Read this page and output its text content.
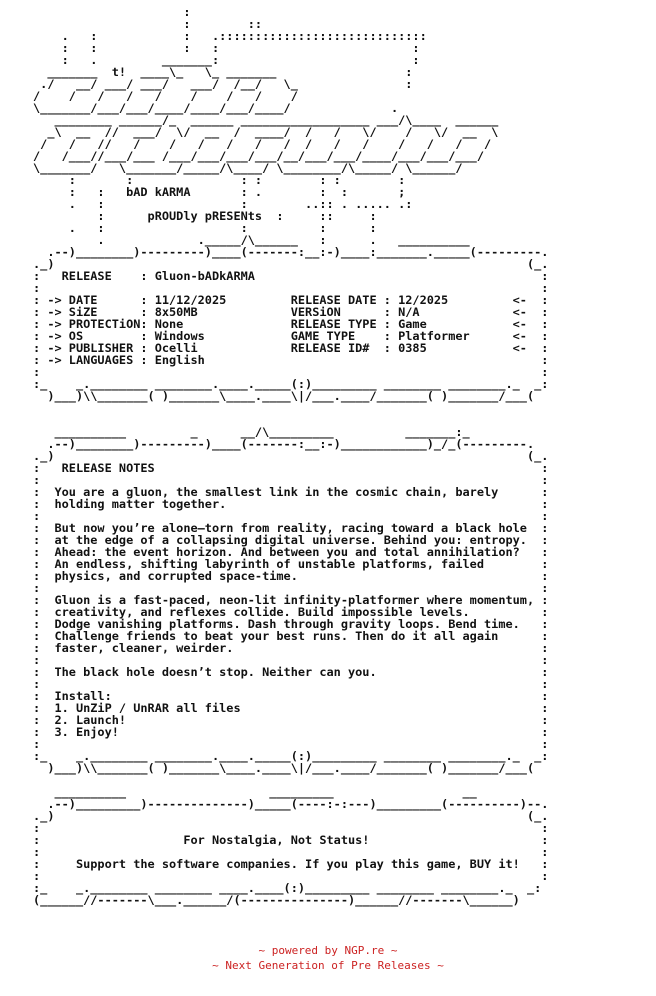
:
:        ::
.   :            :   .:::::::::::::::::::::::::::::
:   :            :   :                           :
:   .         _______:                           :
_______  t!  ____\_   \_ _______                  :
./   __/ ___/ ___/   ___/  /__/   \_               :
/    /   /   /   /    /    /   /    /
\_______/___/___/____/____/___/____/              .
________ ______/_  ______ __________________ ___/\____  ______
_\  __  //  ___/  \/  __  /  ____/  /   /   \/    /   \/  __  \
/   /   //   /    /   /   /   /   /  /   /   /    /   /   /   /
/   /___//___/___ /___/___/___/___/__/___/___/____/___/___/___/
\_______/   \_______/_____/\____/ \________/\_____/ \______/
:       :               : :        : :        :
:   :   bAD kARMA       : .        :  :       ;
.   :                   :        ..:: . ..... .:
:      pROUDly pRESENts  :     ::     :
.   :                   :          :      :
.             ._____/\______   :      .   __________
.--)________)---------)____(-------:__:-)____:_______._____(---------.
._)                                                                  (_.
:   RELEASE    : Gluon-bADkARMA                                        :
:                                                                      :
: -> DATE      : 11/12/2025         RELEASE DATE : 12/2025         <-  :
: -> SiZE      : 8x50MB             VERSiON      : N/A             <-  :
: -> PROTECTiON: None               RELEASE TYPE : Game            <-  :
: -> OS        : Windows            GAME TYPE    : Platformer      <-  :
: -> PUBLISHER : Ocelli             RELEASE ID#  : 0385            <-  :
: -> LANGUAGES : English                                               :
:                                                                      :
:_    _.________ ________.____._____(:)_________ ________ ________._  _:
)___)\\_______( )_______\____.____\|/___.____/_______( )_______/___(

__________         _      __/\_________          _______:_
.--)________)---------)____(-------:__:-)____________)_/_(---------.
._)                                                                  (_.
:   RELEASE NOTES                                                      :
:                                                                      :
:  You are a gluon, the smallest link in the cosmic chain, barely      :
:  holding matter together.                                            :
:                                                                      :
:  But now you’re alone—torn from reality, racing toward a black hole  :
:  at the edge of a collapsing digital universe. Behind you: entropy.  :
:  Ahead: the event horizon. And between you and total annihilation?   :
:  An endless, shifting labyrinth of unstable platforms, failed        :
:  physics, and corrupted space-time.                                  :
:                                                                      :
:  Gluon is a fast-paced, neon-lit infinity-platformer where momentum, :
:  creativity, and reflexes collide. Build impossible levels.          :
:  Dodge vanishing platforms. Dash through gravity loops. Bend time.   :
:  Challenge friends to beat your best runs. Then do it all again      :
:  faster, cleaner, weirder.                                           :
:                                                                      :
:  The black hole doesn’t stop. Neither can you.                       :
:                                                                      :
:  Install:                                                            :
:  1. UnZiP / UnRAR all files                                          :
:  2. Launch!                                                          :
:  3. Enjoy!                                                           :
:                                                                      :
:_    _.________ ________.____._____(:)_________ ________ ________._  _:
)___)\\_______( )_______\____.____\|/___.____/_______( )_______/___(

__________                    _________                  __
.--)_________)--------------)_____(----:-:---)_________(----------)--.
._)                                                                  (_.
:                                                                      :
:                    For Nostalgia, Not Status!                        :
:                                                                      :
:     Support the software companies. If you play this game, BUY it!   :
:                                                                      :
:_    _.________ ________ ____.____(:)_________ ________ ________._  _:
(______//-------\___.______/(---------------)______//-------\______)
~ powered by NGP.re ~
~ Next Generation of Pre Releases ~
